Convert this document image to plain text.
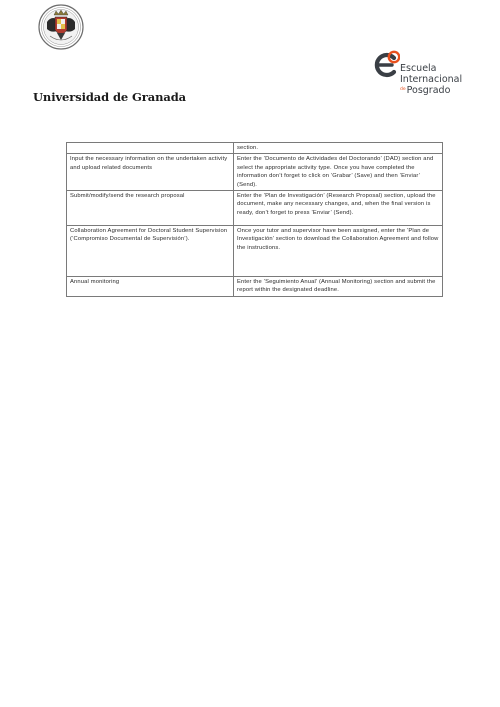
Universidad de Granada
Escuela
Internacional
dePosgrado
	section.
Input the necessary information on the undertaken activity and upload related documents	Enter the ‘Documento de Actividades del Doctorando’ (DAD) section and select the appropriate activity type. Once you have completed the information don’t forget to click on ‘Grabar’ (Save) and then ‘Enviar’ (Send).
Submit/modify/send the research proposal	Enter the ‘Plan de Investigación’ (Research Proposal) section, upload the document, make any necessary changes, and, when the final version is ready, don’t forget to press ‘Enviar’ (Send).
Collaboration Agreement for Doctoral Student Supervision (‘Compromiso Documental de Supervisión’).	Once your tutor and supervisor have been assigned, enter the ‘Plan de Investigación’ section to download the Collaboration Agreement and follow the instructions.
Annual monitoring	Enter the ‘Seguimiento Anual’ (Annual Monitoring) section and submit the report within the designated deadline.
